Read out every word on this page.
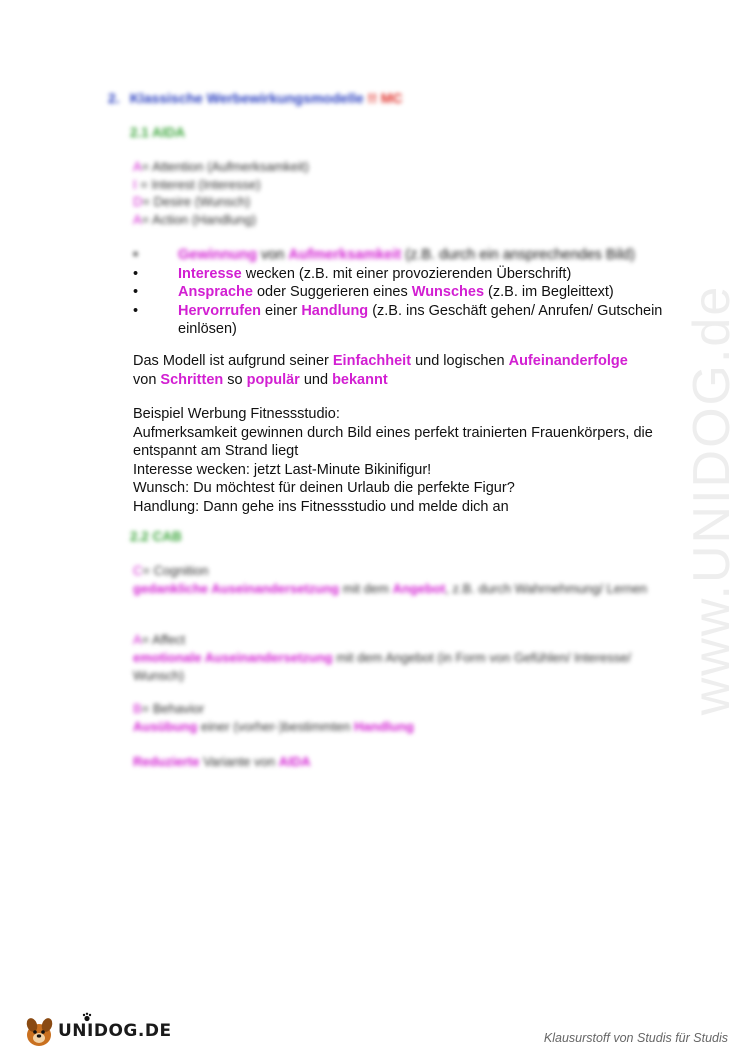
2. Klassische Werbewirkungsmodelle !! MC
2.1 AIDA
A= Attention (Aufmerksamkeit)
I = Interest (Interesse)
D= Desire (Wunsch)
A= Action (Handlung)
•	Gewinnung von Aufmerksamkeit (z.B. durch ein ansprechendes Bild)
•	Interesse wecken (z.B. mit einer provozierenden Überschrift)
•	Ansprache oder Suggerieren eines Wunsches (z.B. im Begleittext)
•	Hervorrufen einer Handlung (z.B. ins Geschäft gehen/ Anrufen/ Gutschein einlösen)
Das Modell ist aufgrund seiner Einfachheit und logischen Aufeinanderfolge
von Schritten so populär und bekannt
Beispiel Werbung Fitnessstudio:
Aufmerksamkeit gewinnen durch Bild eines perfekt trainierten Frauenkörpers, die entspannt am Strand liegt
Interesse wecken: jetzt Last-Minute Bikinifigur!
Wunsch: Du möchtest für deinen Urlaub die perfekte Figur?
Handlung: Dann gehe ins Fitnessstudio und melde dich an
2.2 CAB
C= Cognition
gedankliche Auseinandersetzung mit dem Angebot, z.B. durch Wahrnehmung/ Lernen
A= Affect
emotionale Auseinandersetzung mit dem Angebot (in Form von Gefühlen/ Interesse/ Wunsch)
B= Behavior
Ausübung einer (vorher-)bestimmten Handlung
Reduzierte Variante von AIDA
www.UNIDOG.de
UNIDOG.DE	Klausurstoff von Studis für Studis
